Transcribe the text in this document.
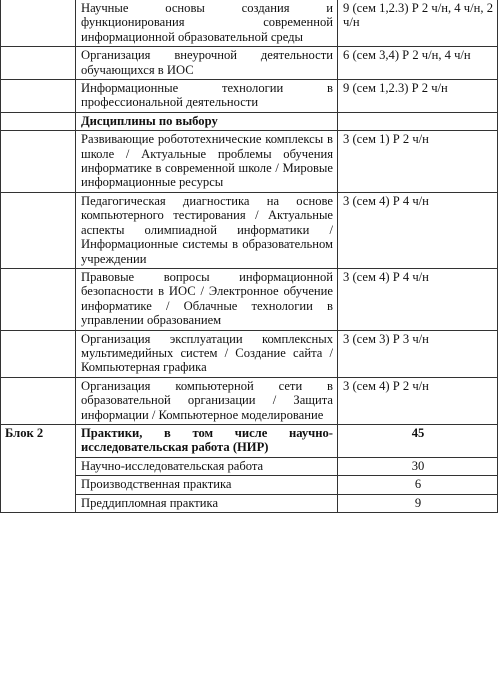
	Научные основы создания и функционирования современной информационной образовательной среды	9 (сем 1,2.3) Р 2 ч/н, 4 ч/н, 2 ч/н
	Организация внеурочной деятельности обучающихся в ИОС	6 (сем 3,4) Р 2 ч/н, 4 ч/н
	Информационные технологии в профессиональной деятельности	9 (сем 1,2.3) Р 2 ч/н
	Дисциплины по выбору	
	Развивающие робототехнические комплексы в школе / Актуальные проблемы обучения информатике в современной школе / Мировые информационные ресурсы	3 (сем 1) Р 2 ч/н
	Педагогическая диагностика на основе компьютерного тестирования / Актуальные аспекты олимпиадной информатики / Информационные системы в образовательном учреждении	3 (сем 4) Р 4 ч/н
	Правовые вопросы информационной безопасности в ИОС / Электронное обучение информатике / Облачные технологии в управлении образованием	3 (сем 4) Р 4 ч/н
	Организация эксплуатации комплексных мультимедийных систем / Создание сайта / Компьютерная графика	3 (сем 3) Р 3 ч/н
	Организация компьютерной сети в образовательной организации / Защита информации / Компьютерное моделирование	3 (сем 4) Р 2 ч/н
Блок 2	Практики, в том числе научно-исследовательская работа (НИР)	45
	Научно-исследовательская работа	30
	Производственная практика	6
	Преддипломная практика	9
